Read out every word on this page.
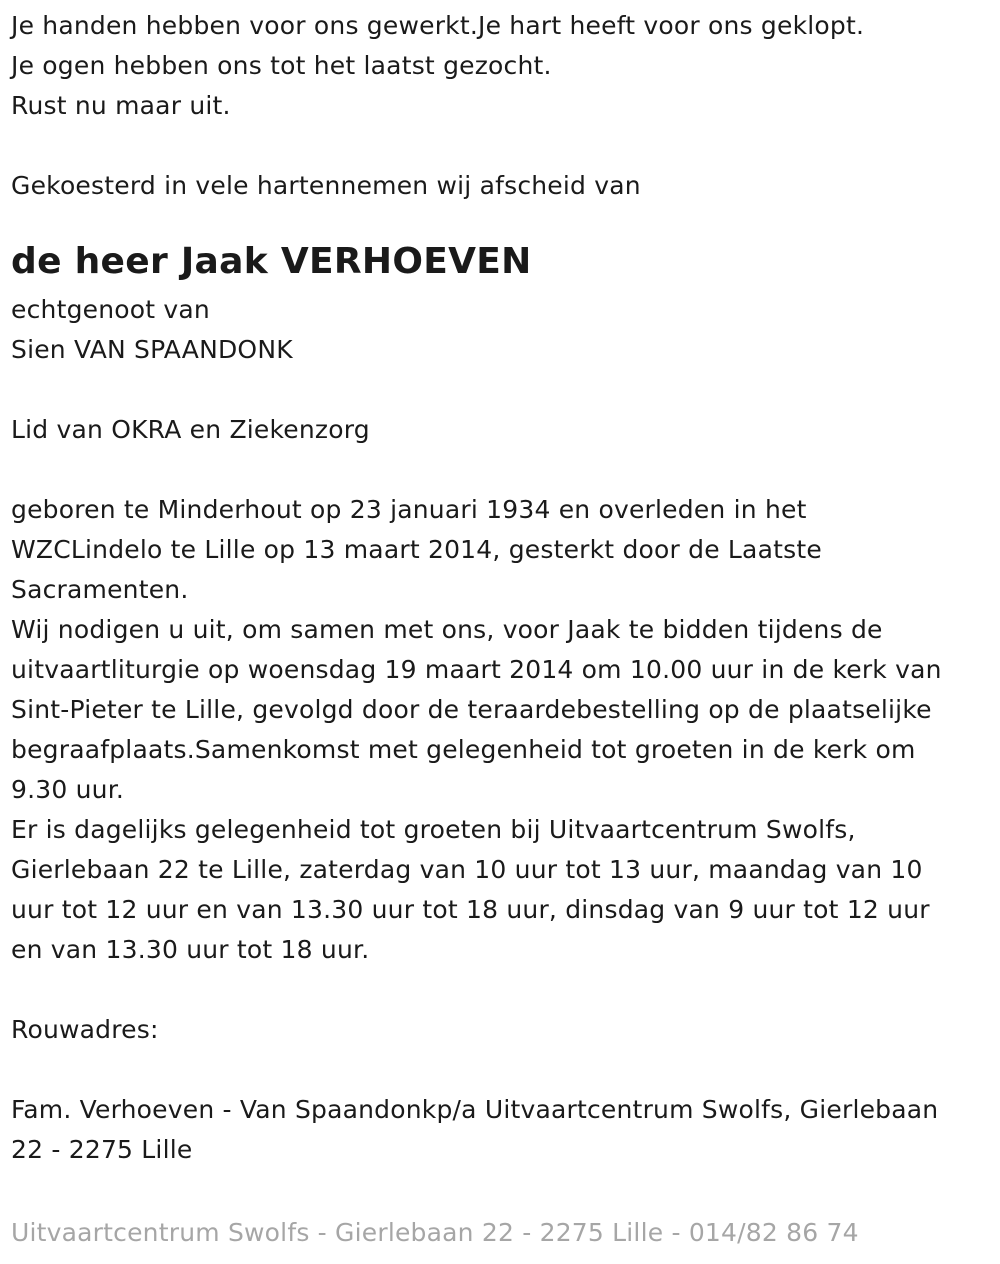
Je handen hebben voor ons gewerkt.Je hart heeft voor ons geklopt.
Je ogen hebben ons tot het laatst gezocht.
Rust nu maar uit.
Gekoesterd in vele hartennemen wij afscheid van
de heer Jaak VERHOEVEN
echtgenoot van
Sien VAN SPAANDONK
Lid van OKRA en Ziekenzorg
geboren te Minderhout op 23 januari 1934 en overleden in het
WZCLindelo te Lille op 13 maart 2014, gesterkt door de Laatste
Sacramenten.
Wij nodigen u uit, om samen met ons, voor Jaak te bidden tijdens de
uitvaartliturgie op woensdag 19 maart 2014 om 10.00 uur in de kerk van
Sint-Pieter te Lille, gevolgd door de teraardebestelling op de plaatselijke
begraafplaats.Samenkomst met gelegenheid tot groeten in de kerk om
9.30 uur.
Er is dagelijks gelegenheid tot groeten bij Uitvaartcentrum Swolfs,
Gierlebaan 22 te Lille, zaterdag van 10 uur tot 13 uur, maandag van 10
uur tot 12 uur en van 13.30 uur tot 18 uur, dinsdag van 9 uur tot 12 uur
en van 13.30 uur tot 18 uur.
Rouwadres:
Fam. Verhoeven - Van Spaandonkp/a Uitvaartcentrum Swolfs, Gierlebaan
22 - 2275 Lille
Uitvaartcentrum Swolfs - Gierlebaan 22 - 2275 Lille - 014/82 86 74
